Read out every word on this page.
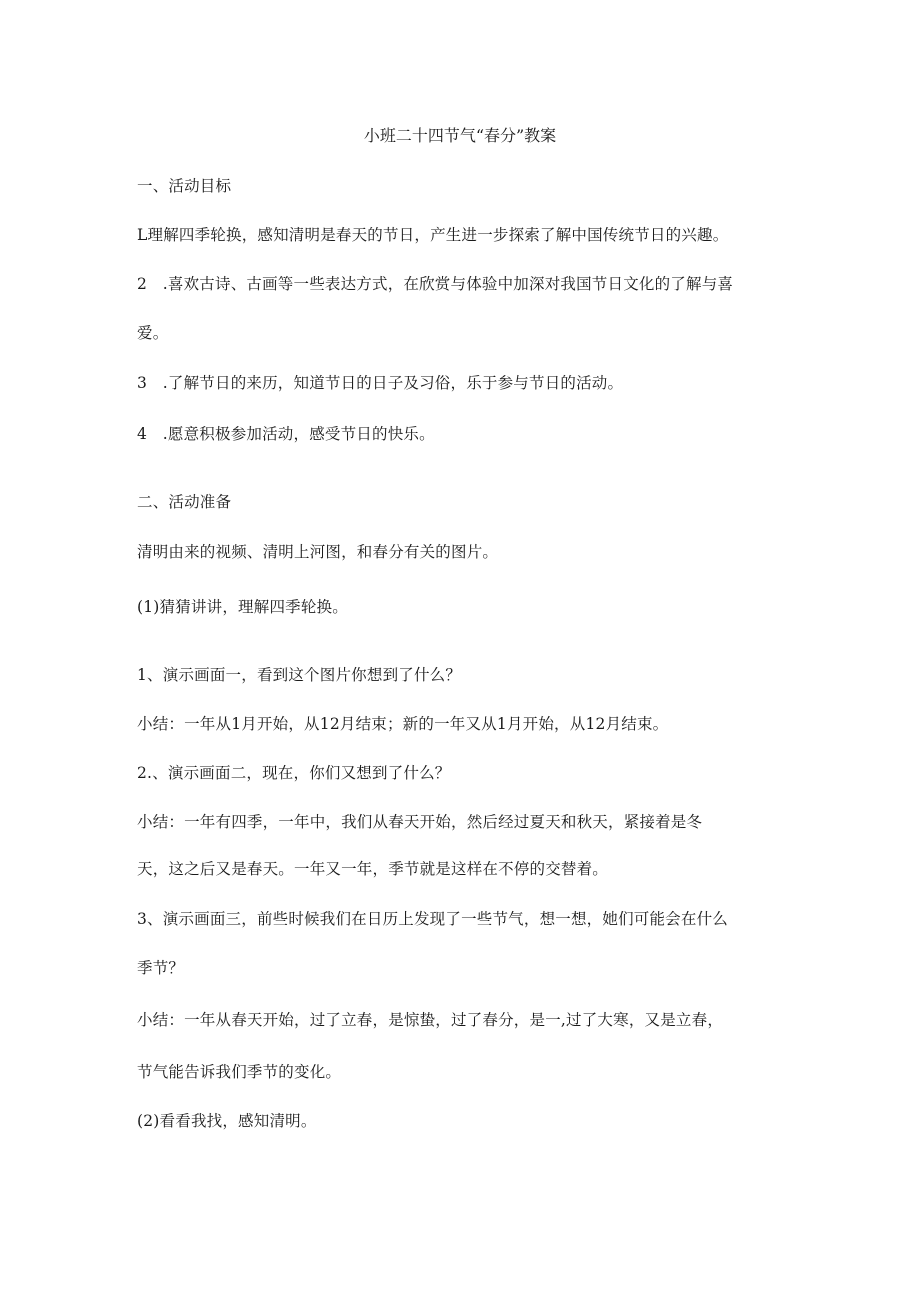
小班二十四节气“春分”教案
一、活动目标
L理解四季轮换，感知清明是春天的节日，产生进一步探索了解中国传统节日的兴趣。
2　.喜欢古诗、古画等一些表达方式，在欣赏与体验中加深对我国节日文化的了解与喜
爱。
3　.了解节日的来历，知道节日的日子及习俗，乐于参与节日的活动。
4　.愿意积极参加活动，感受节日的快乐。
二、活动准备
清明由来的视频、清明上河图，和春分有关的图片。
(1)猜猜讲讲，理解四季轮换。
1、演示画面一，看到这个图片你想到了什么？
小结：一年从1月开始，从12月结束；新的一年又从1月开始，从12月结束。
2.、演示画面二，现在，你们又想到了什么？
小结：一年有四季，一年中，我们从春天开始，然后经过夏天和秋天，紧接着是冬
天，这之后又是春天。一年又一年，季节就是这样在不停的交替着。
3、演示画面三，前些时候我们在日历上发现了一些节气，想一想，她们可能会在什么
季节？
小结：一年从春天开始，过了立春，是惊蛰，过了春分，是一,过了大寒，又是立春，
节气能告诉我们季节的变化。
(2)看看我找，感知清明。
